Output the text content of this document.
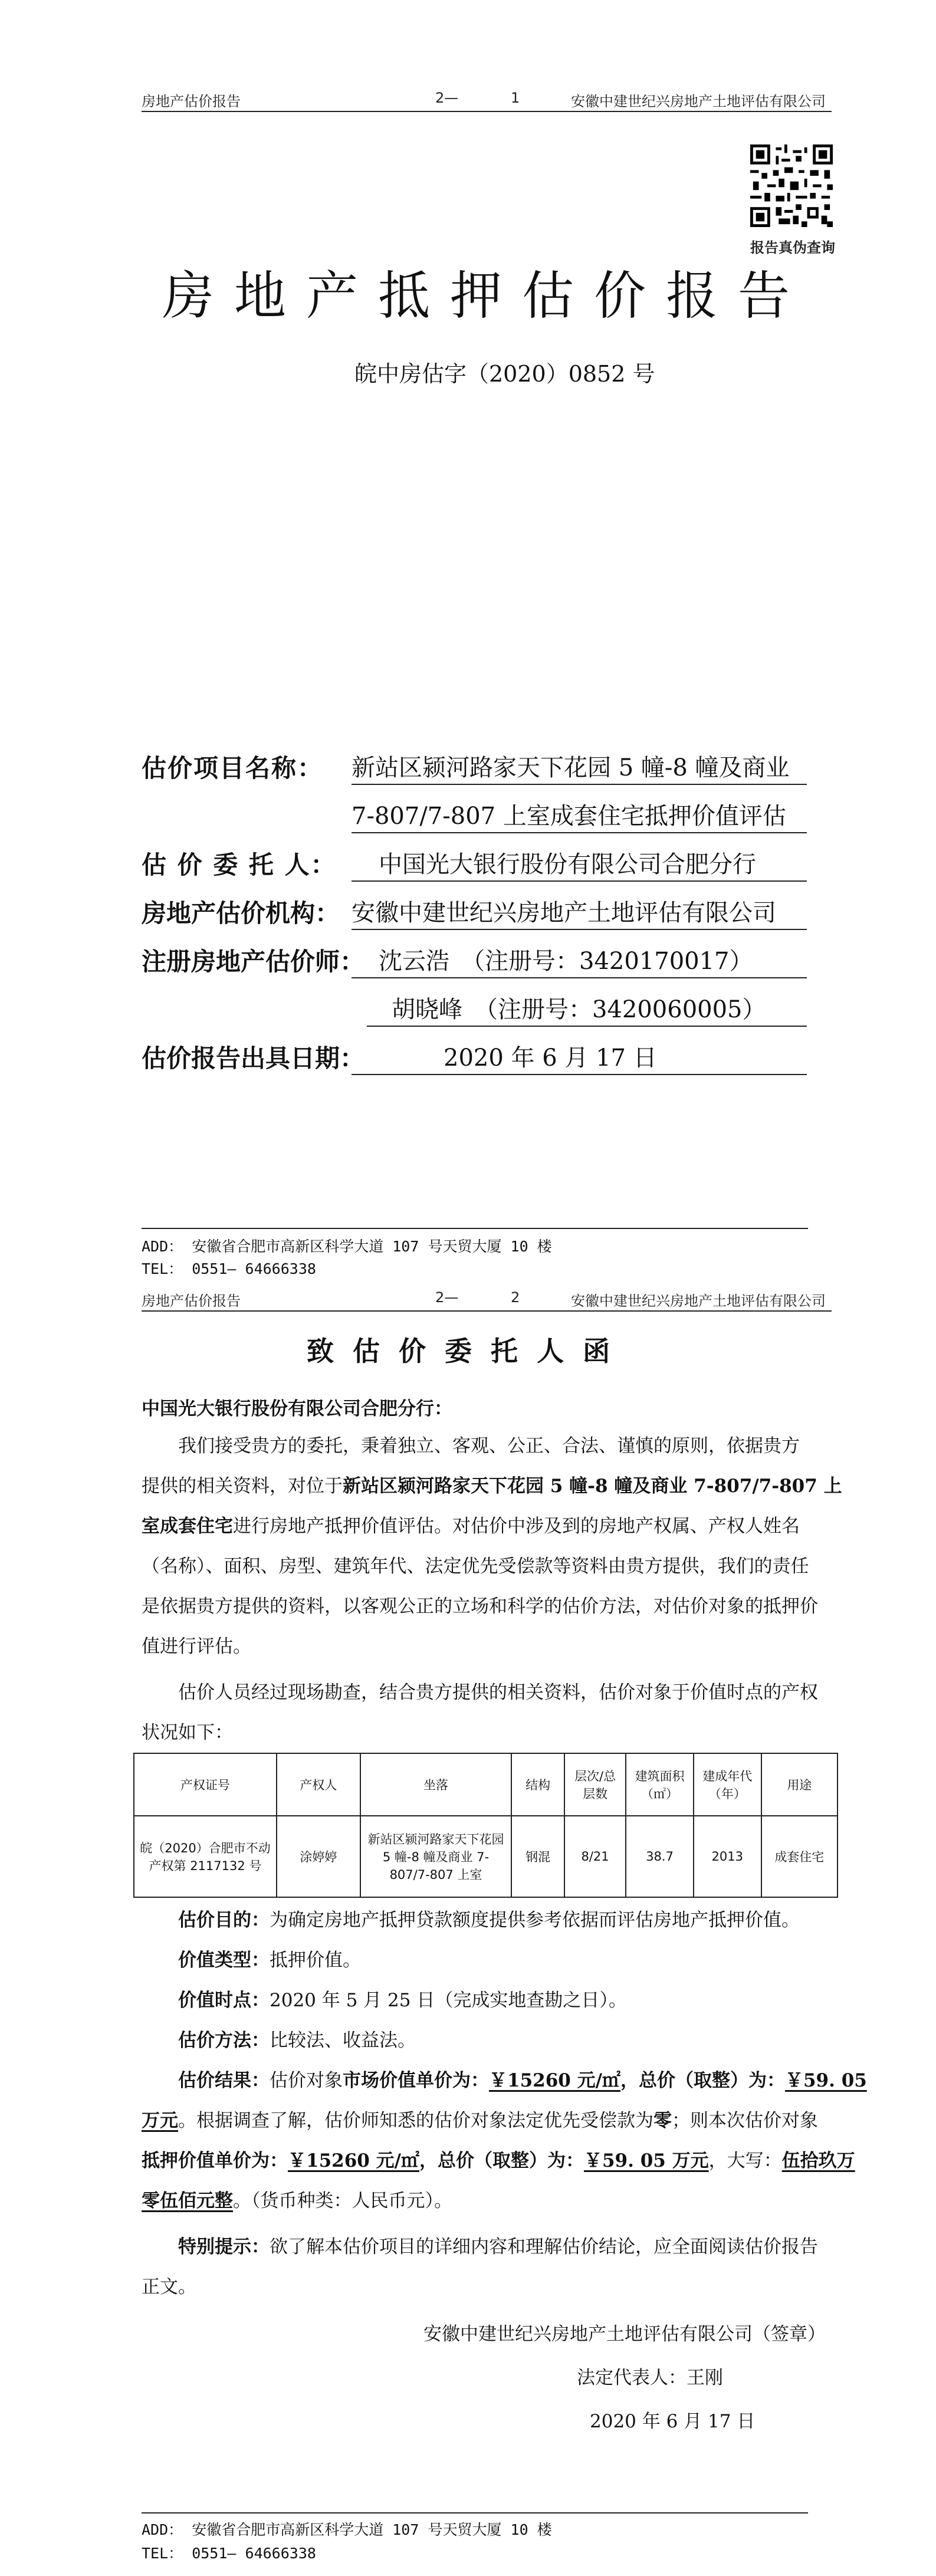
房地产估价报告	2—	1	安徽中建世纪兴房地产土地评估有限公司
报告真伪查询
房地产抵押估价报告
皖中房估字（2020）0852 号
估价项目名称： 新站区颍河路家天下花园 5 幢-8 幢及商业
7-807/7-807 上室成套住宅抵押价值评估
估 价 委 托 人：	中国光大银行股份有限公司合肥分行
房地产估价机构： 安徽中建世纪兴房地产土地评估有限公司
注册房地产估价师： 沈云浩　（注册号：3420170017）
胡晓峰　（注册号：3420060005）
估价报告出具日期：	2020 年 6 月 17 日
ADD： 安徽省合肥市高新区科学大道 107 号天贸大厦 10 楼
TEL： 0551— 64666338
房地产估价报告	2—	2	安徽中建世纪兴房地产土地评估有限公司
致 估 价 委 托 人 函
中国光大银行股份有限公司合肥分行：
我们接受贵方的委托，秉着独立、客观、公正、合法、谨慎的原则，依据贵方
提供的相关资料，对位于新站区颍河路家天下花园 5 幢-8 幢及商业 7-807/7-807 上
室成套住宅进行房地产抵押价值评估。对估价中涉及到的房地产权属、产权人姓名
（名称）、面积、房型、建筑年代、法定优先受偿款等资料由贵方提供，我们的责任
是依据贵方提供的资料，以客观公正的立场和科学的估价方法，对估价对象的抵押价
值进行评估。
估价人员经过现场勘查，结合贵方提供的相关资料，估价对象于价值时点的产权
状况如下：
产权证号	产权人	坐落	结构	层次/总层数	建筑面积（㎡）	建成年代（年）	用途
皖（2020）合肥市不动产权第 2117132 号	涂婷婷	新站区颍河路家天下花园 5 幢-8 幢及商业 7-807/7-807 上室	钢混	8/21	38.7	2013	成套住宅
估价目的：为确定房地产抵押贷款额度提供参考依据而评估房地产抵押价值。
价值类型：抵押价值。
价值时点：2020 年 5 月 25 日（完成实地查勘之日）。
估价方法：比较法、收益法。
估价结果：估价对象市场价值单价为：￥15260 元/㎡，总价（取整）为：￥59. 05
万元。根据调查了解，估价师知悉的估价对象法定优先受偿款为零；则本次估价对象
抵押价值单价为：￥15260 元/㎡，总价（取整）为：￥59. 05 万元，大写：伍拾玖万
零伍佰元整。（货币种类：人民币元）。
特别提示：欲了解本估价项目的详细内容和理解估价结论，应全面阅读估价报告
正文。
安徽中建世纪兴房地产土地评估有限公司（签章）
法定代表人：王刚
2020 年 6 月 17 日
ADD： 安徽省合肥市高新区科学大道 107 号天贸大厦 10 楼
TEL： 0551— 64666338
